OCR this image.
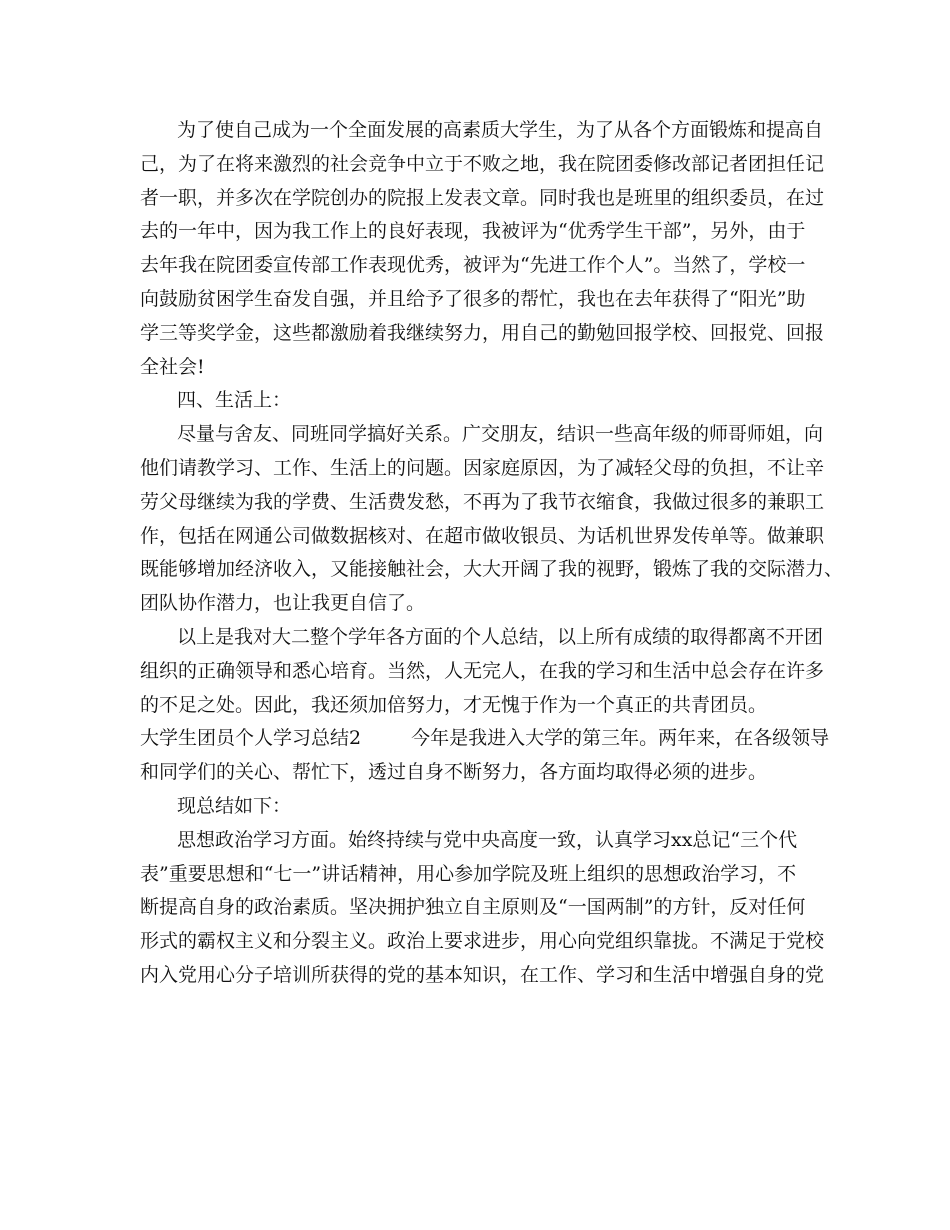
为了使自己成为一个全面发展的高素质大学生，为了从各个方面锻炼和提高自
己，为了在将来激烈的社会竞争中立于不败之地，我在院团委修改部记者团担任记
者一职，并多次在学院创办的院报上发表文章。同时我也是班里的组织委员，在过
去的一年中，因为我工作上的良好表现，我被评为“优秀学生干部”，另外，由于
去年我在院团委宣传部工作表现优秀，被评为“先进工作个人”。当然了，学校一
向鼓励贫困学生奋发自强，并且给予了很多的帮忙，我也在去年获得了“阳光”助
学三等奖学金，这些都激励着我继续努力，用自己的勤勉回报学校、回报党、回报
全社会!
四、生活上：
尽量与舍友、同班同学搞好关系。广交朋友，结识一些高年级的师哥师姐，向
他们请教学习、工作、生活上的问题。因家庭原因，为了减轻父母的负担，不让辛
劳父母继续为我的学费、生活费发愁，不再为了我节衣缩食，我做过很多的兼职工
作，包括在网通公司做数据核对、在超市做收银员、为话机世界发传单等。做兼职
既能够增加经济收入，又能接触社会，大大开阔了我的视野，锻炼了我的交际潜力、
团队协作潜力，也让我更自信了。
以上是我对大二整个学年各方面的个人总结，以上所有成绩的取得都离不开团
组织的正确领导和悉心培育。当然，人无完人，在我的学习和生活中总会存在许多
的不足之处。因此，我还须加倍努力，才无愧于作为一个真正的共青团员。
大学生团员个人学习总结2	今年是我进入大学的第三年。两年来，在各级领导
和同学们的关心、帮忙下，透过自身不断努力，各方面均取得必须的进步。
现总结如下：
思想政治学习方面。始终持续与党中央高度一致，认真学习xx总记“三个代
表”重要思想和“七一”讲话精神，用心参加学院及班上组织的思想政治学习，不
断提高自身的政治素质。坚决拥护独立自主原则及“一国两制”的方针，反对任何
形式的霸权主义和分裂主义。政治上要求进步，用心向党组织靠拢。不满足于党校
内入党用心分子培训所获得的党的基本知识，在工作、学习和生活中增强自身的党
